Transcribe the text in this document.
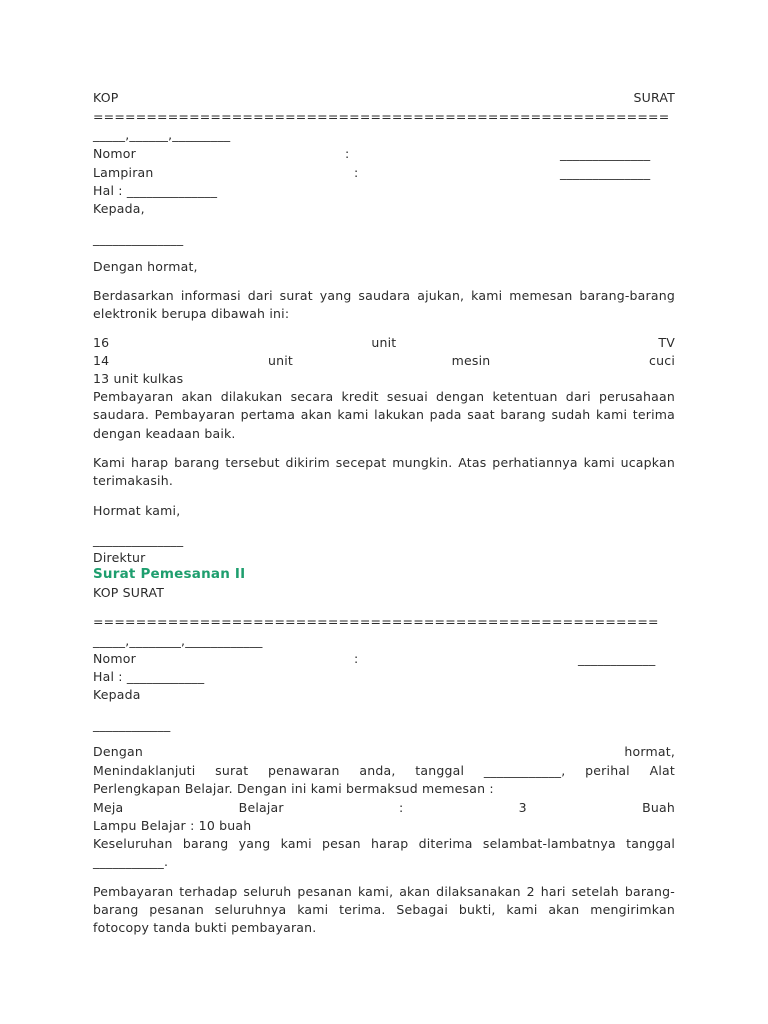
KOP	SURAT
======================================================
_____,______,_________
Nomor	:	______________
Lampiran	:	______________
Hal : ______________
Kepada,
______________
Dengan hormat,
Berdasarkan informasi dari surat yang saudara ajukan, kami memesan barang-barang
elektronik berupa dibawah ini:
16	unit	TV
14	unit	mesin	cuci
13 unit kulkas
Pembayaran akan dilakukan secara kredit sesuai dengan ketentuan dari perusahaan
saudara. Pembayaran pertama akan kami lakukan pada saat barang sudah kami terima
dengan keadaan baik.
Kami harap barang tersebut dikirim secepat mungkin. Atas perhatiannya kami ucapkan
terimakasih.
Hormat kami,
______________
Direktur
Surat Pemesanan II
KOP SURAT
=====================================================
_____,________,____________
Nomor	:	____________
Hal : ____________
Kepada
____________
Dengan	hormat,
Menindaklanjuti surat penawaran anda, tanggal ____________, perihal Alat
Perlengkapan Belajar. Dengan ini kami bermaksud memesan :
Meja	Belajar	:	3	Buah
Lampu Belajar : 10 buah
Keseluruhan barang yang kami pesan harap diterima selambat-lambatnya tanggal
___________.
Pembayaran terhadap seluruh pesanan kami, akan dilaksanakan 2 hari setelah barang-
barang pesanan seluruhnya kami terima. Sebagai bukti, kami akan mengirimkan
fotocopy tanda bukti pembayaran.
